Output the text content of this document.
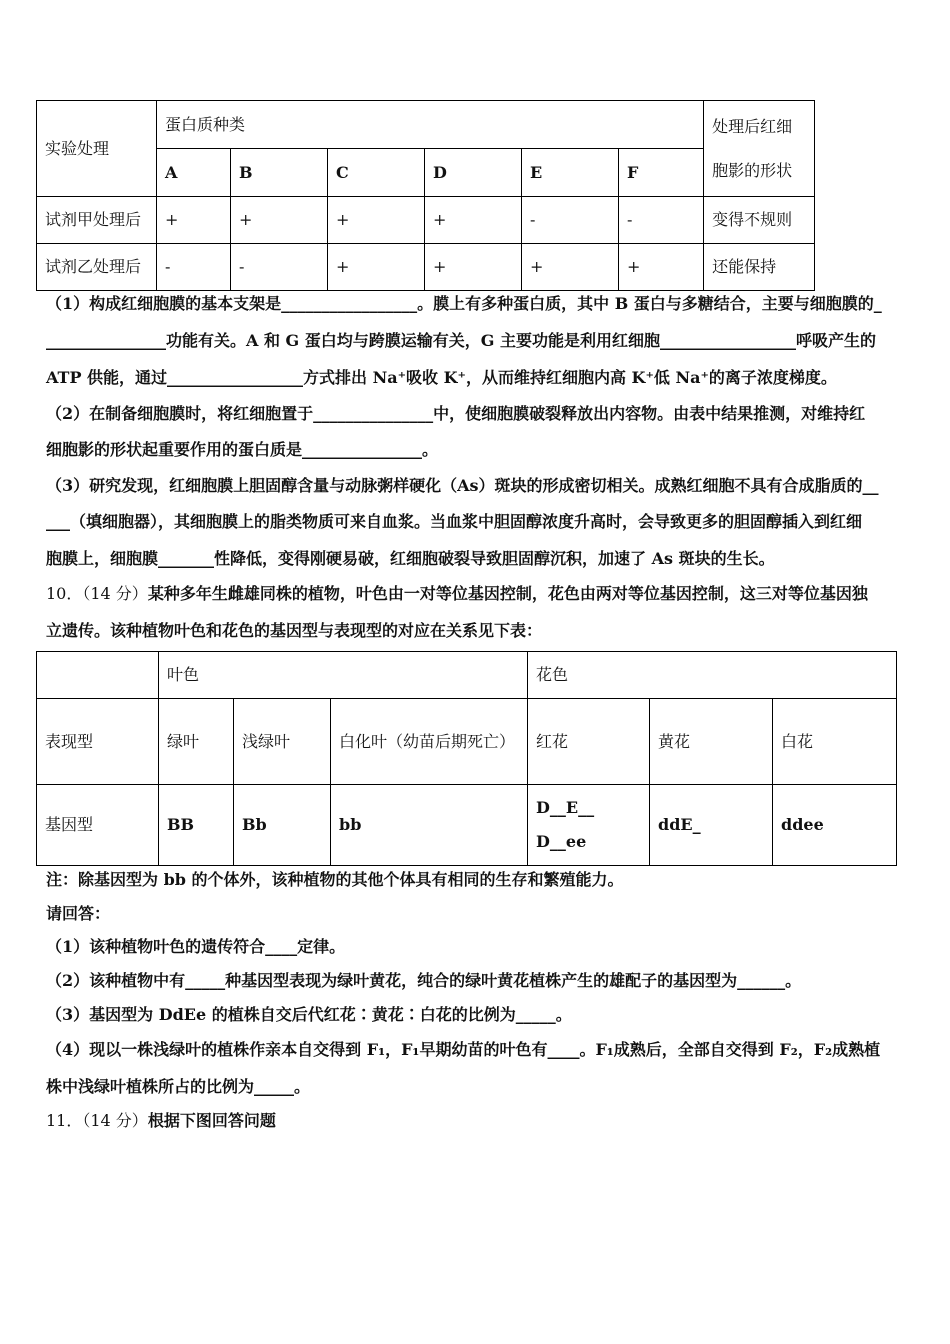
实验处理	蛋白质种类						处理后红细胞影的形状
	A	B	C	D	E	F	
试剂甲处理后	+	+	+	+	-	-	变得不规则
试剂乙处理后	-	-	+	+	+	+	还能保持
（1）构成红细胞膜的基本支架是_________________。膜上有多种蛋白质，其中 B 蛋白与多糖结合，主要与细胞膜的_
_______________功能有关。A 和 G 蛋白均与跨膜运输有关，G 主要功能是利用红细胞_________________呼吸产生的
ATP 供能，通过_________________方式排出 Na⁺吸收 K⁺，从而维持红细胞内高 K⁺低 Na⁺的离子浓度梯度。
（2）在制备细胞膜时，将红细胞置于_______________中，使细胞膜破裂释放出内容物。由表中结果推测，对维持红
细胞影的形状起重要作用的蛋白质是_______________。
（3）研究发现，红细胞膜上胆固醇含量与动脉粥样硬化（As）斑块的形成密切相关。成熟红细胞不具有合成脂质的__
___（填细胞器），其细胞膜上的脂类物质可来自血浆。当血浆中胆固醇浓度升高时，会导致更多的胆固醇插入到红细
胞膜上，细胞膜_______性降低，变得刚硬易破，红细胞破裂导致胆固醇沉积，加速了 As 斑块的生长。
10．（14 分）某种多年生雌雄同株的植物，叶色由一对等位基因控制，花色由两对等位基因控制，这三对等位基因独
立遗传。该种植物叶色和花色的基因型与表现型的对应在关系见下表：
	叶色			花色		
表现型	绿叶	浅绿叶	白化叶（幼苗后期死亡）	红花	黄花	白花
基因型	BB	Bb	bb	D__E__
D__ee	ddE_	ddee
注：除基因型为 bb 的个体外，该种植物的其他个体具有相同的生存和繁殖能力。
请回答：
（1）该种植物叶色的遗传符合____定律。
（2）该种植物中有_____种基因型表现为绿叶黄花，纯合的绿叶黄花植株产生的雄配子的基因型为______。
（3）基因型为 DdEe 的植株自交后代红花∶黄花∶白花的比例为_____。
（4）现以一株浅绿叶的植株作亲本自交得到 F₁，F₁早期幼苗的叶色有____。F₁成熟后，全部自交得到 F₂，F₂成熟植
株中浅绿叶植株所占的比例为_____。
11．（14 分）根据下图回答问题
